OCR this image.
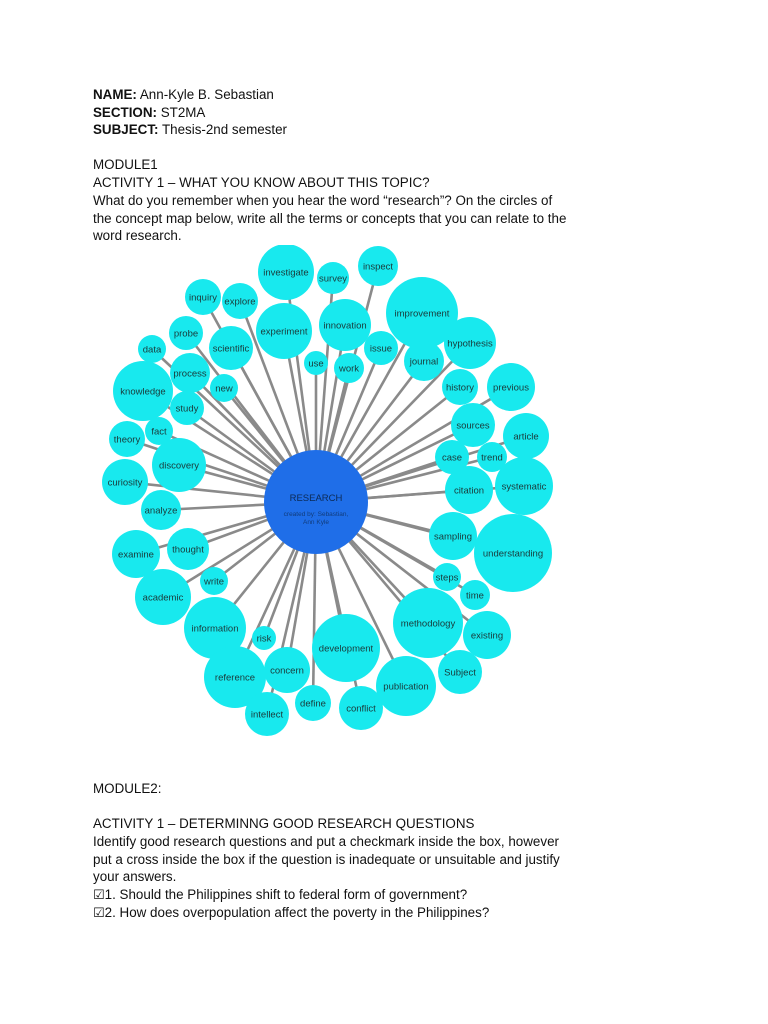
NAME: Ann-Kyle B. Sebastian
SECTION: ST2MA
SUBJECT: Thesis-2nd semester
MODULE1
ACTIVITY 1 – WHAT YOU KNOW ABOUT THIS TOPIC?
What do you remember when you hear the word “research”? On the circles of
the concept map below, write all the terms or concepts that you can relate to the
word research.
investigate
survey
inspect
inquiry explore
experiment
innovation
improvement
probe
scientific	issue	hypothesis
data
use work
journal
process
new	history previous
knowledge
study
sources
article
fact
theory
case trend
discovery
systematic
curiosity
citation
analyze
sampling
examine thought	understanding
write	steps
academic	time
information	methodology
risk	existing
development
concern
reference	Subject
publication
define
intellect
conflict
RESEARCH
created by: Sebastian,
Ann Kyle
MODULE2:
ACTIVITY 1 – DETERMINNG GOOD RESEARCH QUESTIONS
Identify good research questions and put a checkmark inside the box, however
put a cross inside the box if the question is inadequate or unsuitable and justify
your answers.
☑1. Should the Philippines shift to federal form of government?
☑2. How does overpopulation affect the poverty in the Philippines?
